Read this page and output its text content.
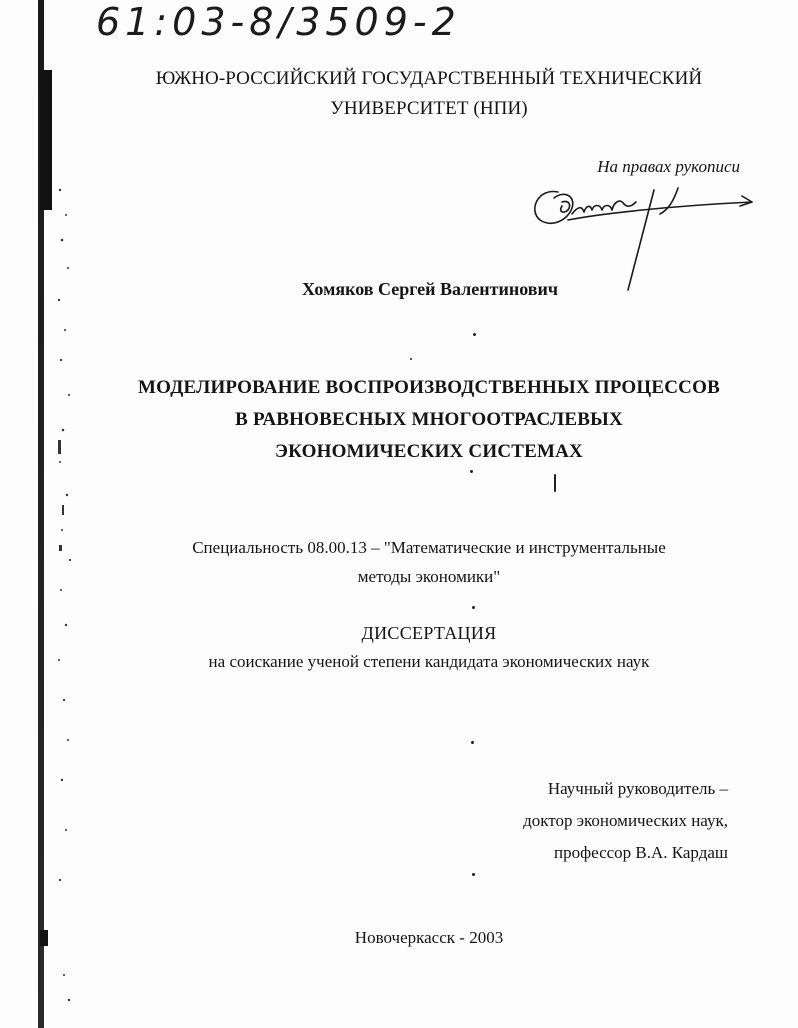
61:03-8/3509-2
ЮЖНО-РОССИЙСКИЙ ГОСУДАРСТВЕННЫЙ ТЕХНИЧЕСКИЙ
УНИВЕРСИТЕТ (НПИ)
На правах рукописи
Хомяков Сергей Валентинович
МОДЕЛИРОВАНИЕ ВОСПРОИЗВОДСТВЕННЫХ ПРОЦЕССОВ
В РАВНОВЕСНЫХ МНОГООТРАСЛЕВЫХ
ЭКОНОМИЧЕСКИХ СИСТЕМАХ
Специальность 08.00.13 – "Математические и инструментальные
методы экономики"
ДИССЕРТАЦИЯ
на соискание ученой степени кандидата экономических наук
Научный руководитель –
доктор экономических наук,
профессор В.А. Кардаш
Новочеркасск - 2003
